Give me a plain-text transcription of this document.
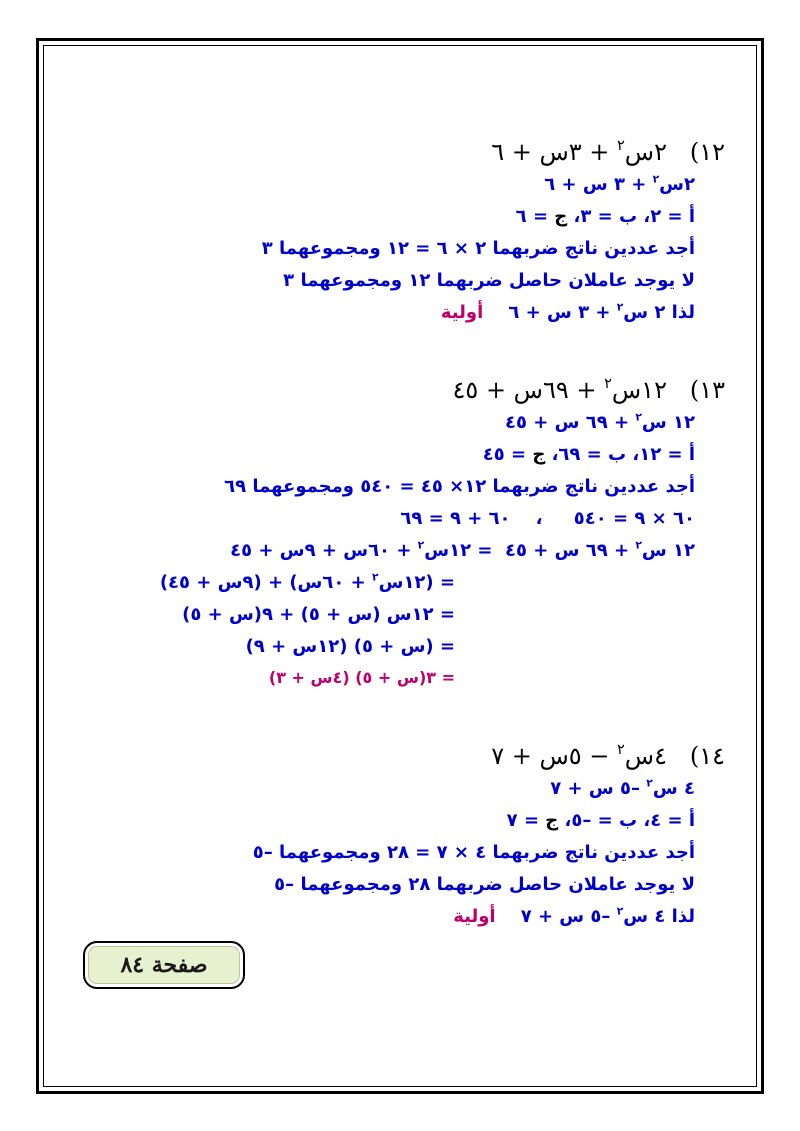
١٢)   ٢س$^٢$ + ٣س + ٦
٢س$^٢$ + ٣ س + ٦
أ = ٢، ب = ٣، ج = ٦
أجد عددين ناتج ضربهما ٢ × ٦ = ١٢ ومجموعهما ٣
لا يوجد عاملان حاصل ضربهما ١٢ ومجموعهما ٣
لذا ٢ س$^٢$ + ٣ س + ٦    أولية
١٣)   ١٢س$^٢$ + ٦٩س + ٤٥
١٢ س$^٢$ + ٦٩ س + ٤٥
أ = ١٢، ب = ٦٩، ج = ٤٥
أجد عددين ناتج ضربهما ١٢× ٤٥ = ٥٤٠ ومجموعهما ٦٩
٦٠ × ٩ = ٥٤٠     ،    ٦٠ + ٩ = ٦٩
١٢ س$^٢$ + ٦٩ س + ٤٥  = ١٢س$^٢$ + ٦٠س + ٩س + ٤٥
= (١٢س$^٢$ + ٦٠س) + (٩س + ٤٥)
= ١٢س (س + ٥) + ٩(س + ٥)
= (س + ٥) (١٢س + ٩)
= ٣(س + ٥) (٤س + ٣)
١٤)   ٤س$^٢$ − ٥س + ٧
٤ س$^٢$ –٥ س + ٧
أ = ٤، ب = –٥، ج = ٧
أجد عددين ناتج ضربهما ٤ × ٧ = ٢٨ ومجموعهما –٥
لا يوجد عاملان حاصل ضربهما ٢٨ ومجموعهما –٥
لذا ٤ س$^٢$ –٥ س + ٧    أولية
صفحة ٨٤
